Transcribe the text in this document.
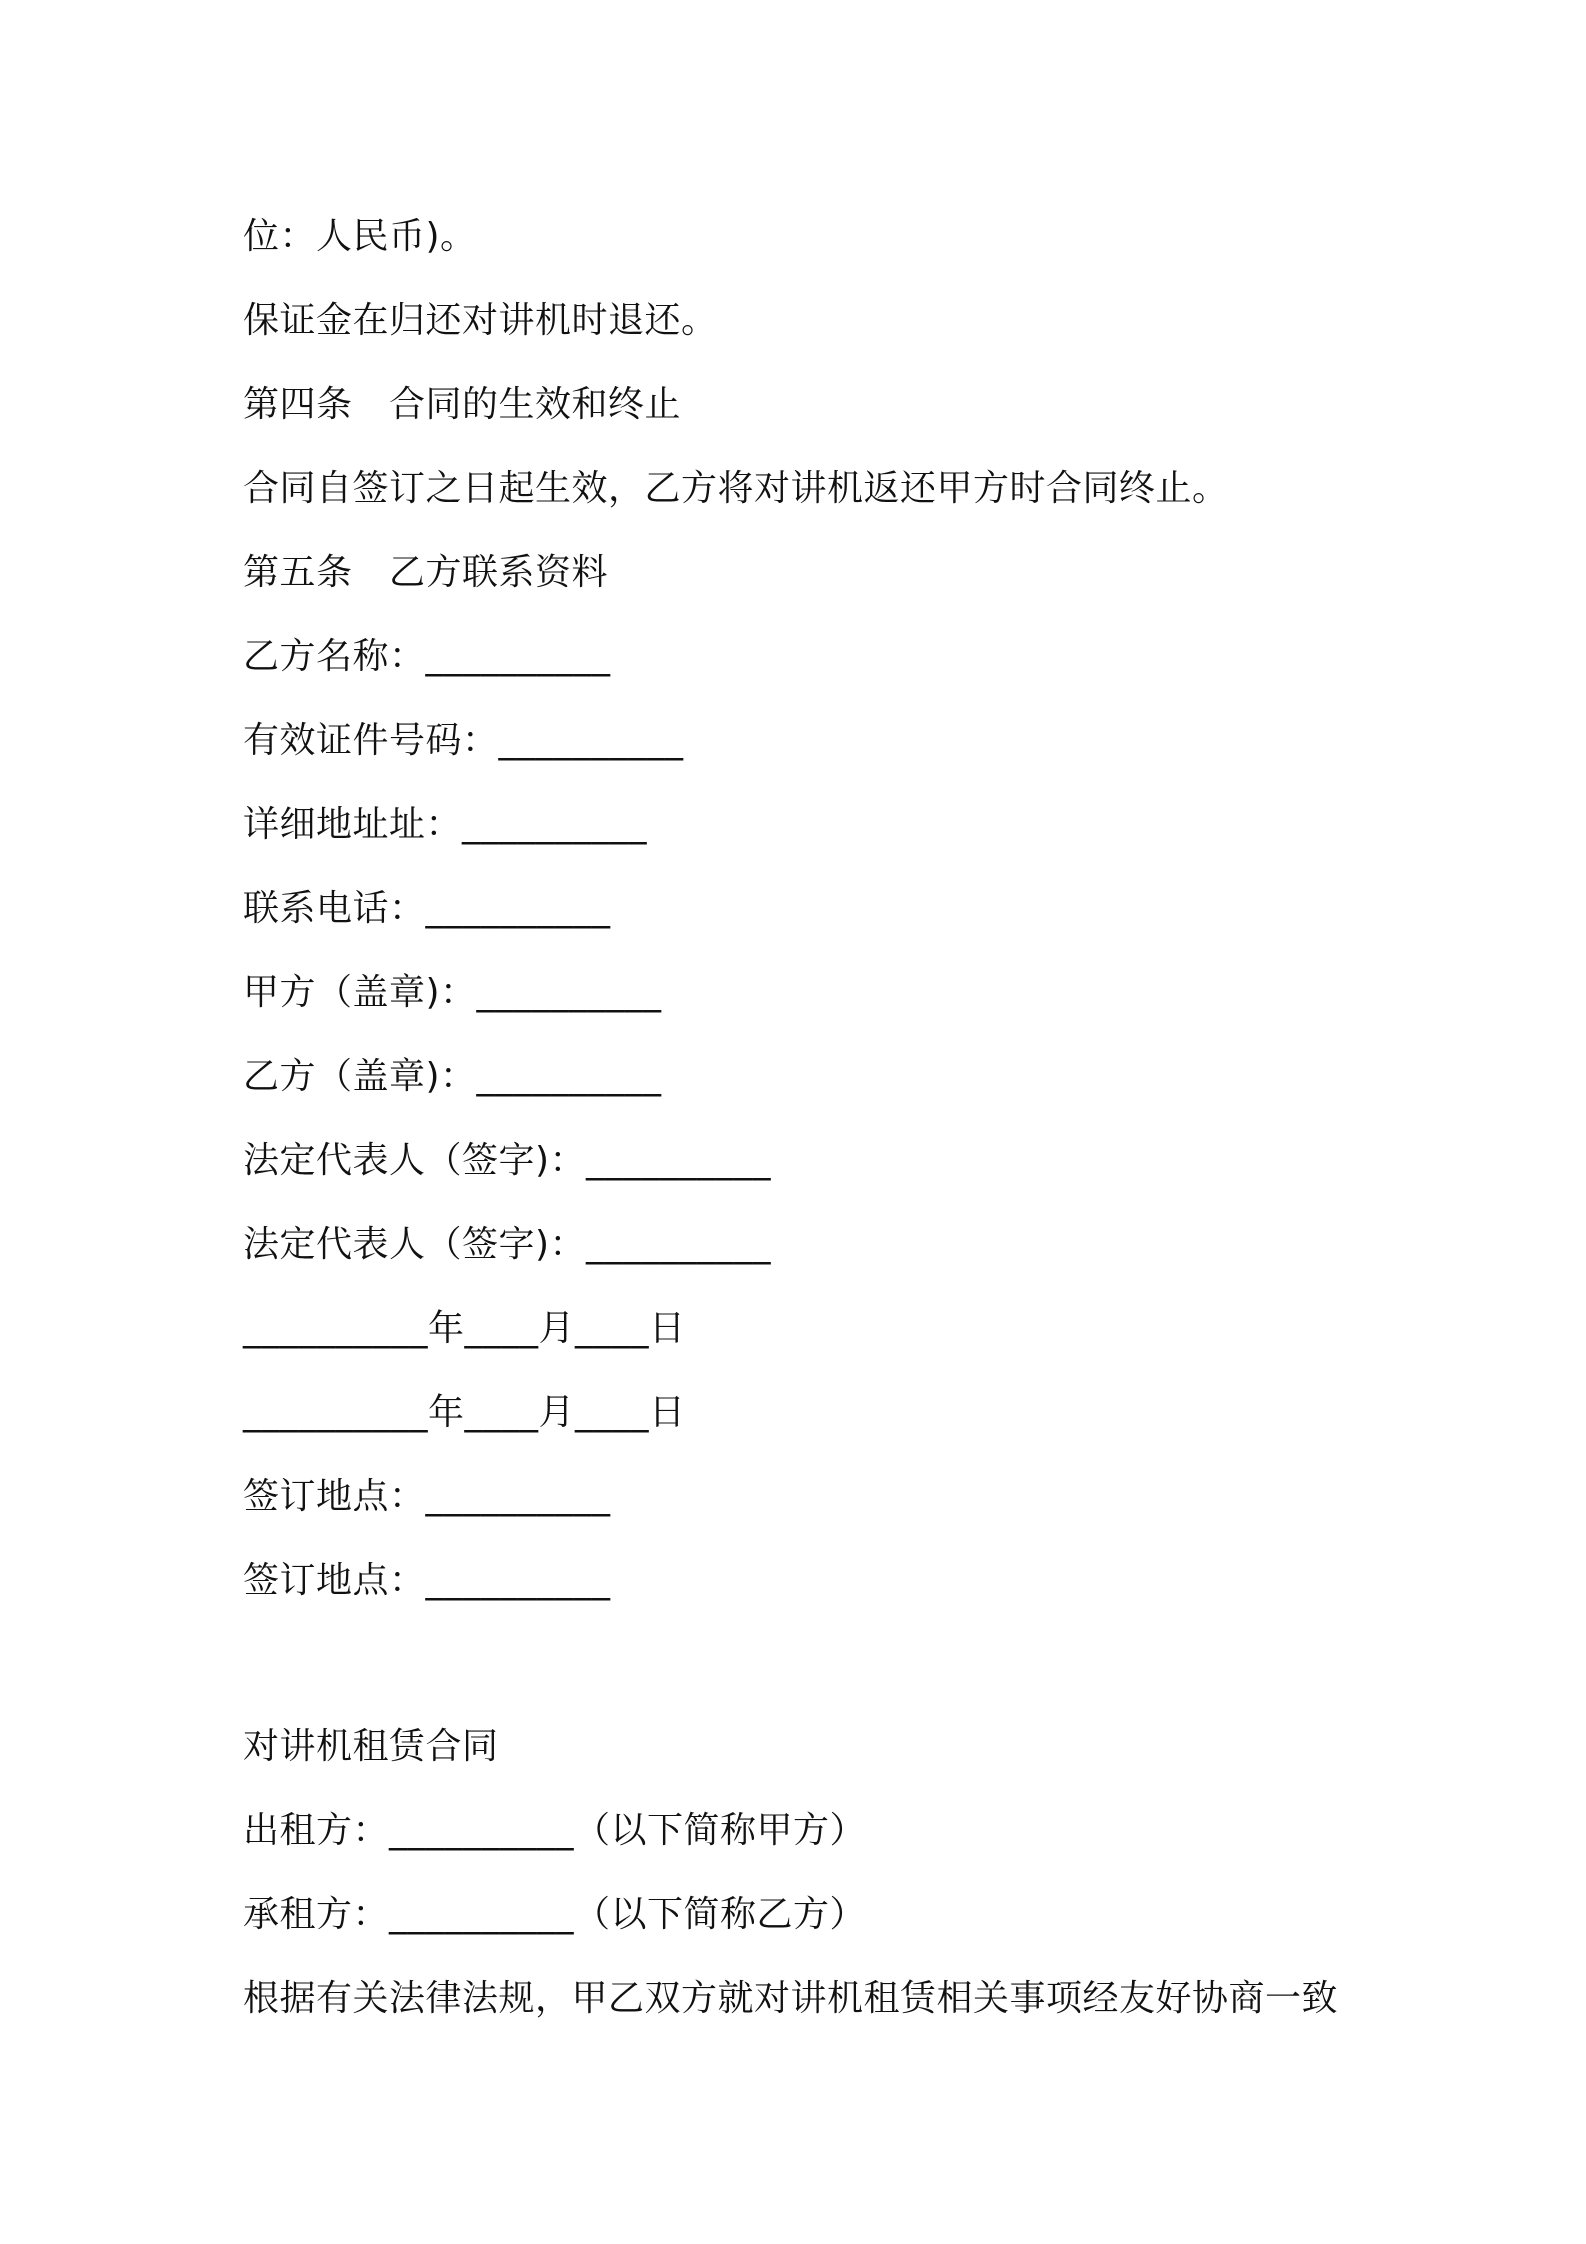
位：人民币)。
保证金在归还对讲机时退还。
第四条　合同的生效和终止
合同自签订之日起生效，乙方将对讲机返还甲方时合同终止。
第五条　乙方联系资料
乙方名称：__________
有效证件号码：__________
详细地址址：__________
联系电话：__________
甲方（盖章)：__________
乙方（盖章)：__________
法定代表人（签字)：__________
法定代表人（签字)：__________
__________年____月____日
__________年____月____日
签订地点：__________
签订地点：__________
对讲机租赁合同
出租方：__________（以下简称甲方）
承租方：__________（以下简称乙方）
根据有关法律法规，甲乙双方就对讲机租赁相关事项经友好协商一致
